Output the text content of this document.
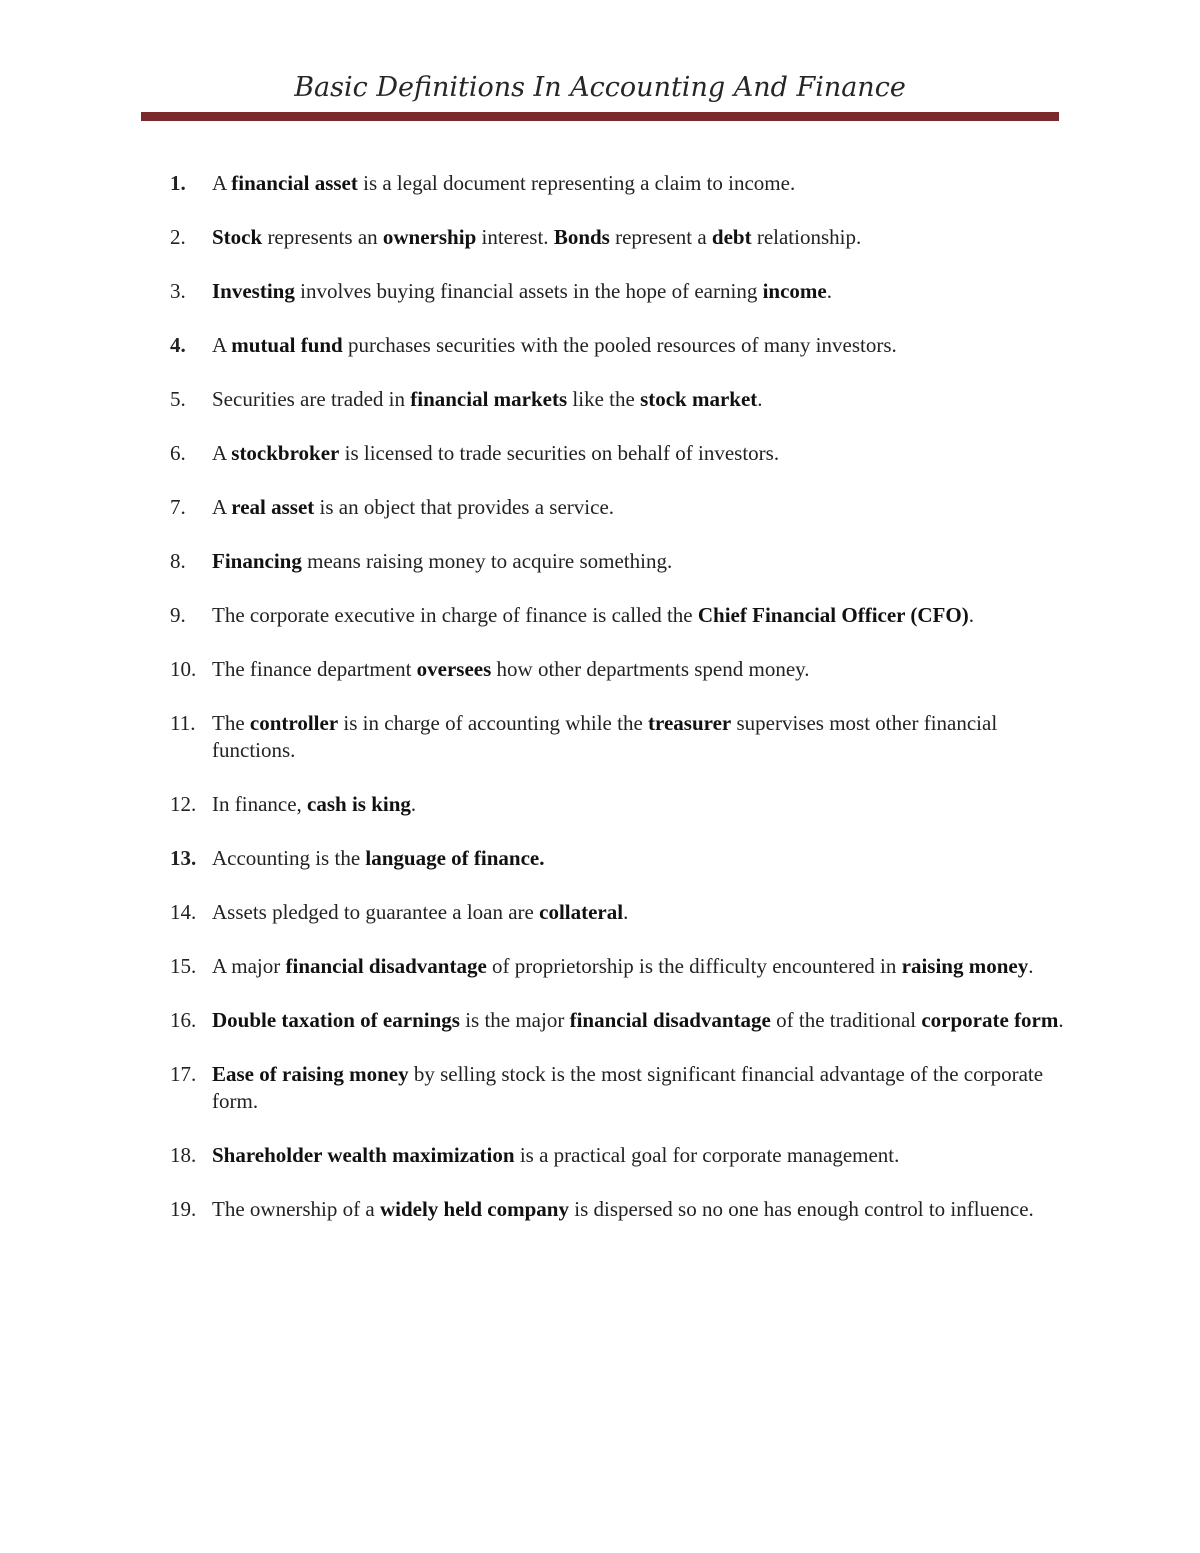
Basic Definitions In Accounting And Finance
1.	A financial asset is a legal document representing a claim to income.
2.	Stock represents an ownership interest. Bonds represent a debt relationship.
3.	Investing involves buying financial assets in the hope of earning income.
4.	A mutual fund purchases securities with the pooled resources of many investors.
5.	Securities are traded in financial markets like the stock market.
6.	A stockbroker is licensed to trade securities on behalf of investors.
7.	A real asset is an object that provides a service.
8.	Financing means raising money to acquire something.
9.	The corporate executive in charge of finance is called the Chief Financial Officer (CFO).
10. The finance department oversees how other departments spend money.
11. The controller is in charge of accounting while the treasurer supervises most other financial functions.
12. In finance, cash is king.
13. Accounting is the language of finance.
14. Assets pledged to guarantee a loan are collateral.
15. A major financial disadvantage of proprietorship is the difficulty encountered in raising money.
16. Double taxation of earnings is the major financial disadvantage of the traditional corporate form.
17. Ease of raising money by selling stock is the most significant financial advantage of the corporate form.
18. Shareholder wealth maximization is a practical goal for corporate management.
19. The ownership of a widely held company is dispersed so no one has enough control to influence.
